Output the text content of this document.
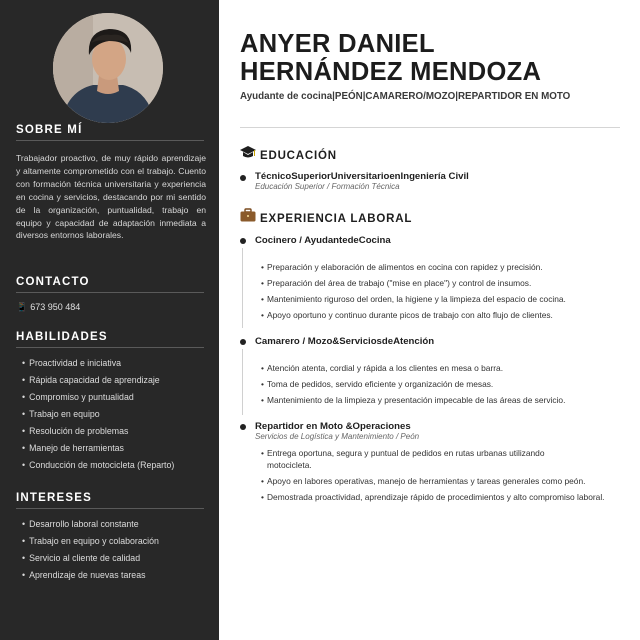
SOBRE MÍ

Trabajador proactivo, de muy rápido aprendizaje y altamente comprometido con el trabajo. Cuento con formación técnica universitaria y experiencia en cocina y servicios, destacando por mi sentido de la organización, puntualidad, trabajo en equipo y capacidad de adaptación inmediata a diversos entornos laborales.

CONTACTO
📱 673 950 484
HABILIDADES
• Proactividad e iniciativa
• Rápida capacidad de aprendizaje
• Compromiso y puntualidad
• Trabajo en equipo
• Resolución de problemas
• Manejo de herramientas
• Conducción de motocicleta (Reparto)
INTERESES
• Desarrollo laboral constante
• Trabajo en equipo y colaboración
• Servicio al cliente de calidad
• Aprendizaje de nuevas tareas
ANYER DANIEL
HERNÁNDEZ MENDOZA
Ayudante de cocina|PEÓN|CAMARERO/MOZO|REPARTIDOR EN MOTO
EDUCACIÓN
TécnicoSuperiorUniversitarioenIngeniería Civil
Educación Superior / Formación Técnica
EXPERIENCIA LABORAL
Cocinero / AyudantedeCocina
• Preparación y elaboración de alimentos en cocina con rapidez y precisión.
• Preparación del área de trabajo ("mise en place") y control de insumos.
• Mantenimiento riguroso del orden, la higiene y la limpieza del espacio de cocina.
• Apoyo oportuno y continuo durante picos de trabajo con alto flujo de clientes.
Camarero / Mozo&ServiciosdeAtención
• Atención atenta, cordial y rápida a los clientes en mesa o barra.
• Toma de pedidos, servido eficiente y organización de mesas.
• Mantenimiento de la limpieza y presentación impecable de las áreas de servicio.
Repartidor en Moto &Operaciones
Servicios de Logística y Mantenimiento / Peón
• Entrega oportuna, segura y puntual de pedidos en rutas urbanas utilizando motocicleta.
• Apoyo en labores operativas, manejo de herramientas y tareas generales como peón.
• Demostrada proactividad, aprendizaje rápido de procedimientos y alto compromiso laboral.
